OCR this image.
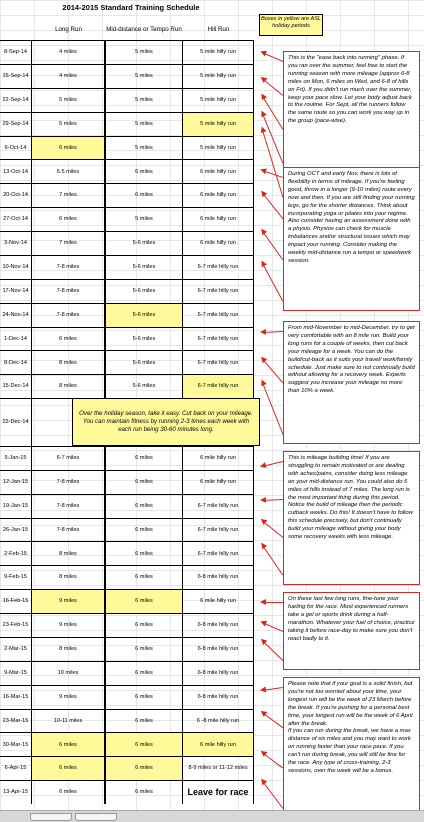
2014-2015 Standard Training Schedule
Boxes in yellow are ASL holiday periods
Long Run	Mid-distance or Tempo Run	Hill Run
8-Sep-14	4 miles	5 miles	5 mile hilly run
15-Sep-14	4 miles	5 miles	5 mile hilly run
22-Sep-14	5 miles	5 miles	5 mile hilly run
29-Sep-14	5 miles	5 miles	5 mile hilly run
6-Oct-14	6 miles	5 miles	5 mile hilly run
13-Oct-14	6.5 miles	6 miles	6 mile hilly run
20-Oct-14	7 miles	6 miles	6 mile hilly run
27-Oct-14	6 miles	5 miles	6 mile hilly run
3-Nov-14	7 miles	5-6 miles	6 mile hilly run
10-Nov-14	7-8 miles	5-6 miles	6-7 mile hilly run
17-Nov-14	7-8 miles	5-6 miles	6-7 mile hilly run
24-Nov-14	7-8 miles	5-6 miles	6-7 mile hilly run
1-Dec-14	6 miles	5-6 miles	6-7 mile hilly run
8-Dec-14	8 miles	5-6 miles	6-7 mile hilly run
15-Dec-14	8 miles	5-6 miles	6-7 mile hilly run
22-Dec-14
Over the holiday season, take it easy. Cut back on your mileage. You can maintain fitness by running 2-3 times each week with each run being 30-60 minutes long.
5-Jan-15	6-7 miles	6 miles	6 mile hilly run
12-Jan-15	7-8 miles	6 miles	6 mile hilly run
19-Jan-15	7-8 miles	6 miles	6-7 mile hilly run
26-Jan-15	7-8 miles	6 miles	6-7 mile hilly run
2-Feb-15	8 miles	6 miles	6-7 mile hilly run
9-Feb-15	8 miles	6 miles	6-8 mile hilly run
16-Feb-15	9 miles	6 miles	6 mile hilly run
23-Feb-15	9 miles	6 miles	6-8 mile hilly run
2-Mar-15	8 miles	6 miles	6-8 mile hilly run
9-Mar-15	10 miles	6 miles	6-8 mile hilly run
16-Mar-15	9 miles	6 miles	6-8 mile hilly run
23-Mar-15	10-11 miles	6 miles	6 -8 mile hilly run
30-Mar-15	6 miles	6 miles	6 mile hilly run
6-Apr-15	6 miles	6 miles	8-9 miles or 11-12 miles
13-Apr-15	6 miles	6 miles	Leave for race
This is the "ease back into running" phase. If you ran over the summer, feel free to start the running season with more mileage (approx 6-8 miles on Mon, 6 miles on Wed, and 6-8 of hills on Fri). If you didn't run much over the summer, keep your pace slow. Let your body adjust back to the routine. For Sept, all the runners follow the same route so you can work you way up in the group (pace-wise).
During OCT and early Nov, there is lots of flexibility in terms of mileage. If you're feeling good, throw in a longer (9-10 miles) route every now and then. If you are still finding your running legs, go for the shorter distances. Think about incorporating yoga or pilates into your regime. Also consider having an assessment done with a physio. Physios can check for muscle imbalances and/or structural issues which may impact your running. Consider making the weekly mid-distance run a tempo or speedwork session.
From mid-November to mid-December, try to get very comfortable with an 8 mile run. Build your long runs for a couple of weeks, then cut back your mileage for a week. You can do the build/cut-back as it suits your travel/ work/family schedule. Just make sure to not continually build without allowing for a recovery week. Experts suggest you increase your mileage no more than 10% a week.
This is mileage building time! If you are struggling to remain motivated or are dealing with aches/pains, consider doing less mileage on your mid-distance run. You could also do 6 miles of hills instead of 7 miles. The long run is the most important thing during this period. Notice the build of mileage then the periodic cutback weeks. Do this! It doesn't have to follow this schedule precisely, but don't continually build your mileage without giving your body some recovery weeks with less mileage.
On these last few long runs, fine-tune your fueling for the race. Most experienced runners take a gel or sports drink during a half-marathon. Whatever your fuel of choice, practice taking it before race-day to make sure you don't react badly to it.
Please note that if your goal is a solid finish, but you're not too worried about your time, your longest run will be the week of 23 March before the break. If you're pushing for a personal best time, your longest run will be the week of 6 April after the break.
If you can run during the break, we have a max distance of six miles and you may want to work on running faster than your race pace. If you can't run during break, you will still be fine for the race. Any type of cross-training, 2-3 sessions, over the week will be a bonus.
